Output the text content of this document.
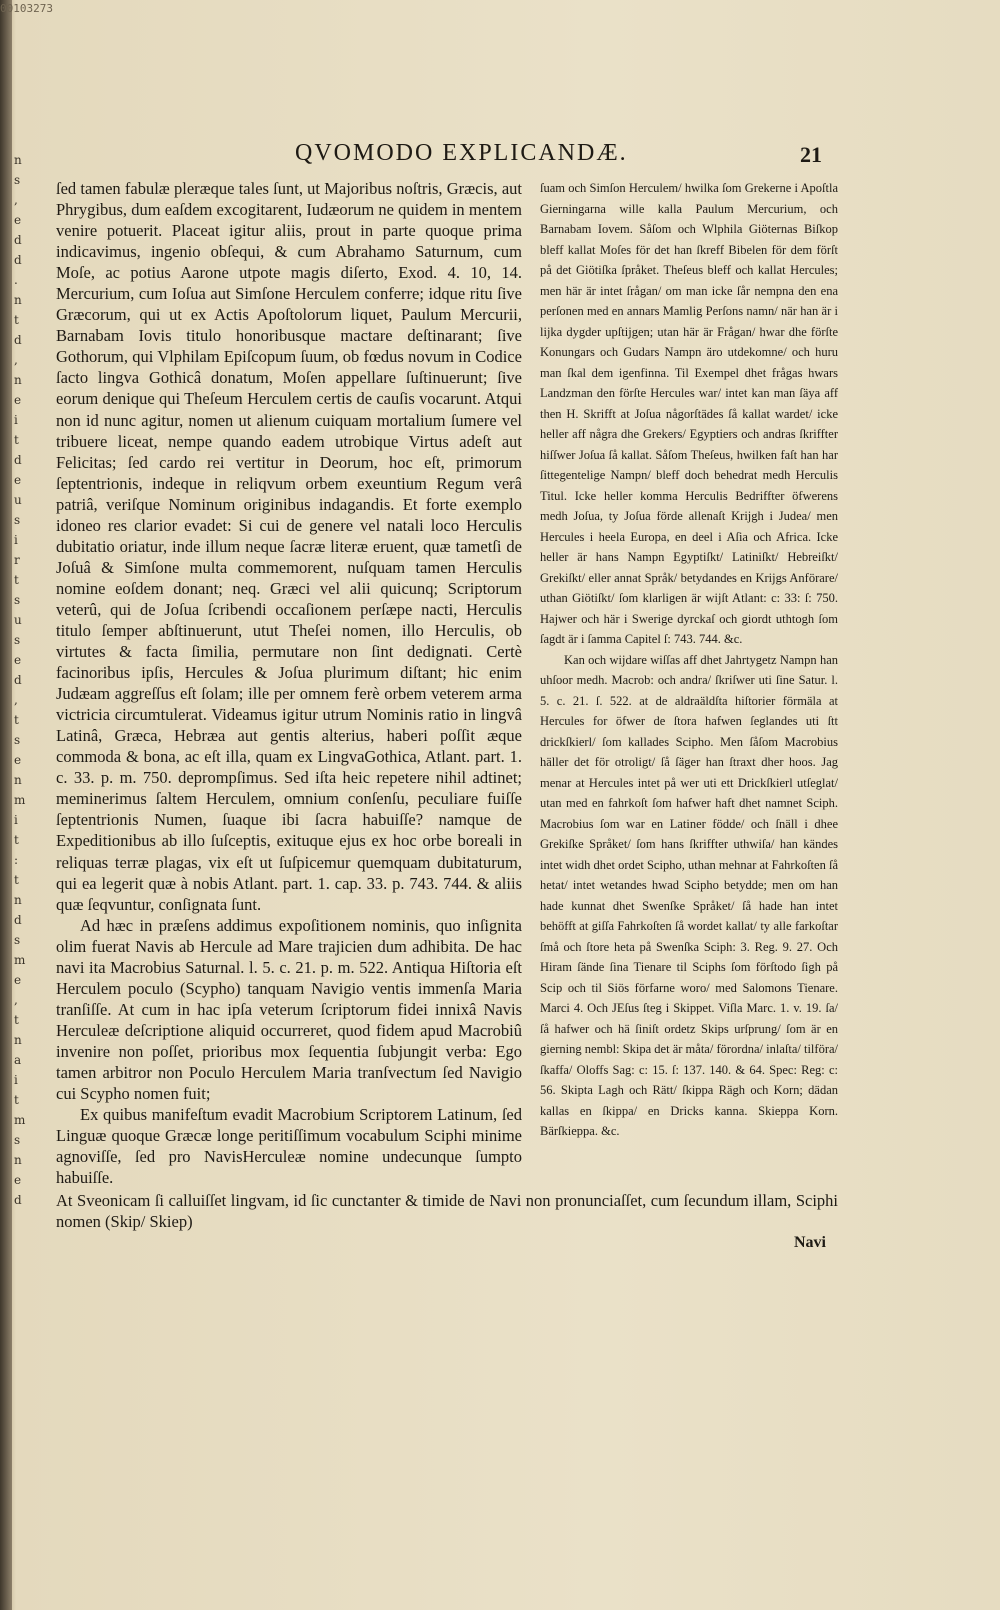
00103273
n
s
,
e
d
d
.
n
t
d
,
n
e
i
t
d
e
u
s
i
r
t
s
u
s
e
d
,
t
s
e
n
m
i
t
:
t
n
d
s
m
e
,
t
n
a
i
t
m
s
n
e
d
QVOMODO EXPLICANDÆ.	21
ſed tamen fabulæ pleræque tales ſunt, ut Majoribus noſtris, Græcis, aut Phrygibus, dum eaſdem excogitarent, Iudæorum ne quidem in mentem venire potuerit. Placeat igitur aliis, prout in parte quoque prima indicavimus, ingenio obſequi, & cum Abrahamo Saturnum, cum Moſe, ac potius Aarone utpote magis diſerto, Exod. 4. 10, 14. Mercurium, cum Ioſua aut Simſone Herculem conferre; idque ritu ſive Græcorum, qui ut ex Actis Apoſtolorum liquet, Paulum Mercurii, Barnabam Iovis titulo honoribusque mactare deſtinarant; ſive Gothorum, qui Vlphilam Epiſcopum ſuum, ob fœdus novum in Codice ſacto lingva Gothicâ donatum, Moſen appellare ſuſtinuerunt; ſive eorum denique qui Theſeum Herculem certis de cauſis vocarunt. Atqui non id nunc agitur, nomen ut alienum cuiquam mortalium ſumere vel tribuere liceat, nempe quando eadem utrobique Virtus adeſt aut Felicitas; ſed cardo rei vertitur in Deorum, hoc eſt, primorum ſeptentrionis, indeque in reliqvum orbem exeuntium Regum verâ patriâ, veriſque Nominum originibus indagandis. Et forte exemplo idoneo res clarior evadet: Si cui de genere vel natali loco Herculis dubitatio oriatur, inde illum neque ſacræ literæ eruent, quæ tametſi de Joſuâ & Simſone multa commemorent, nuſquam tamen Herculis nomine eoſdem donant; neq. Græci vel alii quicunq; Scriptorum veterû, qui de Joſua ſcribendi occaſionem perſæpe nacti, Herculis titulo ſemper abſtinuerunt, utut Theſei nomen, illo Herculis, ob virtutes & facta ſimilia, permutare non ſint dedignati. Certè facinoribus ipſis, Hercules & Joſua plurimum diſtant; hic enim Judæam aggreſſus eſt ſolam; ille per omnem ferè orbem veterem arma victricia circumtulerat. Videamus igitur utrum Nominis ratio in lingvâ Latinâ, Græca, Hebræa aut gentis alterius, haberi poſſit æque commoda & bona, ac eſt illa, quam ex LingvaGothica, Atlant. part. 1. c. 33. p. m. 750. deprompſimus. Sed iſta heic repetere nihil adtinet; meminerimus ſaltem Herculem, omnium conſenſu, peculiare fuiſſe ſeptentrionis Numen, ſuaque ibi ſacra habuiſſe? namque de Expeditionibus ab illo ſuſceptis, exituque ejus ex hoc orbe boreali in reliquas terræ plagas, vix eſt ut ſuſpicemur quemquam dubitaturum, qui ea legerit quæ à nobis Atlant. part. 1. cap. 33. p. 743. 744. & aliis quæ ſeqvuntur, conſignata ſunt.
Ad hæc in præſens addimus expoſitionem nominis, quo inſignita olim fuerat Navis ab Hercule ad Mare trajicien dum adhibita. De hac navi ita Macrobius Saturnal. l. 5. c. 21. p. m. 522. Antiqua Hiſtoria eſt Herculem poculo (Scypho) tanquam Navigio ventis immenſa Maria tranſiſſe. At cum in hac ipſa veterum ſcriptorum fidei innixâ Navis Herculeæ deſcriptione aliquid occurreret, quod fidem apud Macrobiû invenire non poſſet, prioribus mox ſequentia ſubjungit verba: Ego tamen arbitror non Poculo Herculem Maria tranſvectum ſed Navigio cui Scypho nomen fuit;
Ex quibus manifeſtum evadit Macrobium Scriptorem Latinum, ſed Linguæ quoque Græcæ longe peritiſſimum vocabulum Sciphi minime agnoviſſe, ſed pro NavisHerculeæ nomine undecunque ſumpto habuiſſe.
ſuam och Simſon Herculem/ hwilka ſom Grekerne i Apoſtla Gierningarna wille kalla Paulum Mercurium, och Barnabam Iovem. Såſom och Wlphila Giöternas Biſkop bleff kallat Moſes för det han ſkreff Bibelen för dem förſt på det Giötiſka ſpråket. Theſeus bleff och kallat Hercules; men här är intet ſrågan/ om man icke ſår nempna den ena perſonen med en annars Mamlig Perſons namn/ när han är i lijka dygder upſtijgen; utan här är Frågan/ hwar dhe förſte Konungars och Gudars Nampn äro utdekomne/ och huru man ſkal dem igenfinna. Til Exempel dhet frågas hwars Landzman den förſte Hercules war/ intet kan man ſäya aff then H. Skrifft at Joſua någorſtädes ſå kallat wardet/ icke heller aff några dhe Grekers/ Egyptiers och andras ſkriffter hiſſwer Joſua ſå kallat. Såſom Theſeus, hwilken faſt han har ſittegentelige Nampn/ bleff doch behedrat medh Herculis Titul. Icke heller komma Herculis Bedriffter öfwerens medh Joſua, ty Joſua förde allenaſt Krijgh i Judea/ men Hercules i heela Europa, en deel i Aſia och Africa. Icke heller är hans Nampn Egyptiſkt/ Latiniſkt/ Hebreiſkt/ Grekiſkt/ eller annat Språk/ betydandes en Krijgs Anförare/ uthan Giötiſkt/ ſom klarligen är wijſt Atlant: c: 33: ſ: 750. Hajwer och här i Swerige dyrckaſ och giordt uthtogh ſom ſagdt är i ſamma Capitel ſ: 743. 744. &c.
Kan och wijdare wiſſas aff dhet Jahrtygetz Nampn han uhſoor medh. Macrob: och andra/ ſkriſwer uti ſine Satur. l. 5. c. 21. ſ. 522. at de aldraäldſta hiſtorier förmäla at Hercules for öfwer de ſtora hafwen ſeglandes uti ſtt drickſkierl/ ſom kallades Scipho. Men ſåſom Macrobius häller det för otroligt/ ſå ſäger han ſtraxt dher hoos. Jag menar at Hercules intet på wer uti ett Drickſkierl utſeglat/ utan med en fahrkoſt ſom hafwer haft dhet namnet Sciph. Macrobius ſom war en Latiner födde/ och ſnäll i dhee Grekiſke Språket/ ſom hans ſkriffter uthwiſa/ han kändes intet widh dhet ordet Scipho, uthan mehnar at Fahrkoſten ſå hetat/ intet wetandes hwad Scipho betydde; men om han hade kunnat dhet Swenſke Språket/ ſå hade han intet behöfft at giſſa Fahrkoſten ſå wordet kallat/ ty alle farkoſtar ſmå och ſtore heta på Swenſka Sciph: 3. Reg. 9. 27. Och Hiram ſände ſina Tienare til Sciphs ſom förſtodo ſigh på Scip och til Siös förfarne woro/ med Salomons Tienare. Marci 4. Och JEſus ſteg i Skippet. Viſla Marc. 1. v. 19. ſa/ ſå hafwer och hä ſiniſt ordetz Skips urſprung/ ſom är en gierning nembl: Skipa det är måta/ förordna/ inlaſta/ tilföra/ ſkaffa/ Oloffs Sag: c: 15. ſ: 137. 140. & 64. Spec: Reg: c: 56. Skipta Lagh och Rätt/ ſkippa Rägh och Korn; dädan kallas en ſkippa/ en Dricks kanna. Skieppa Korn. Bärſkieppa. &c.
At Sveonicam ſi calluiſſet lingvam, id ſic cunctanter & timide de Navi non pronunciaſſet, cum ſecundum illam, Sciphi nomen (Skip/ Skiep)
Navi
